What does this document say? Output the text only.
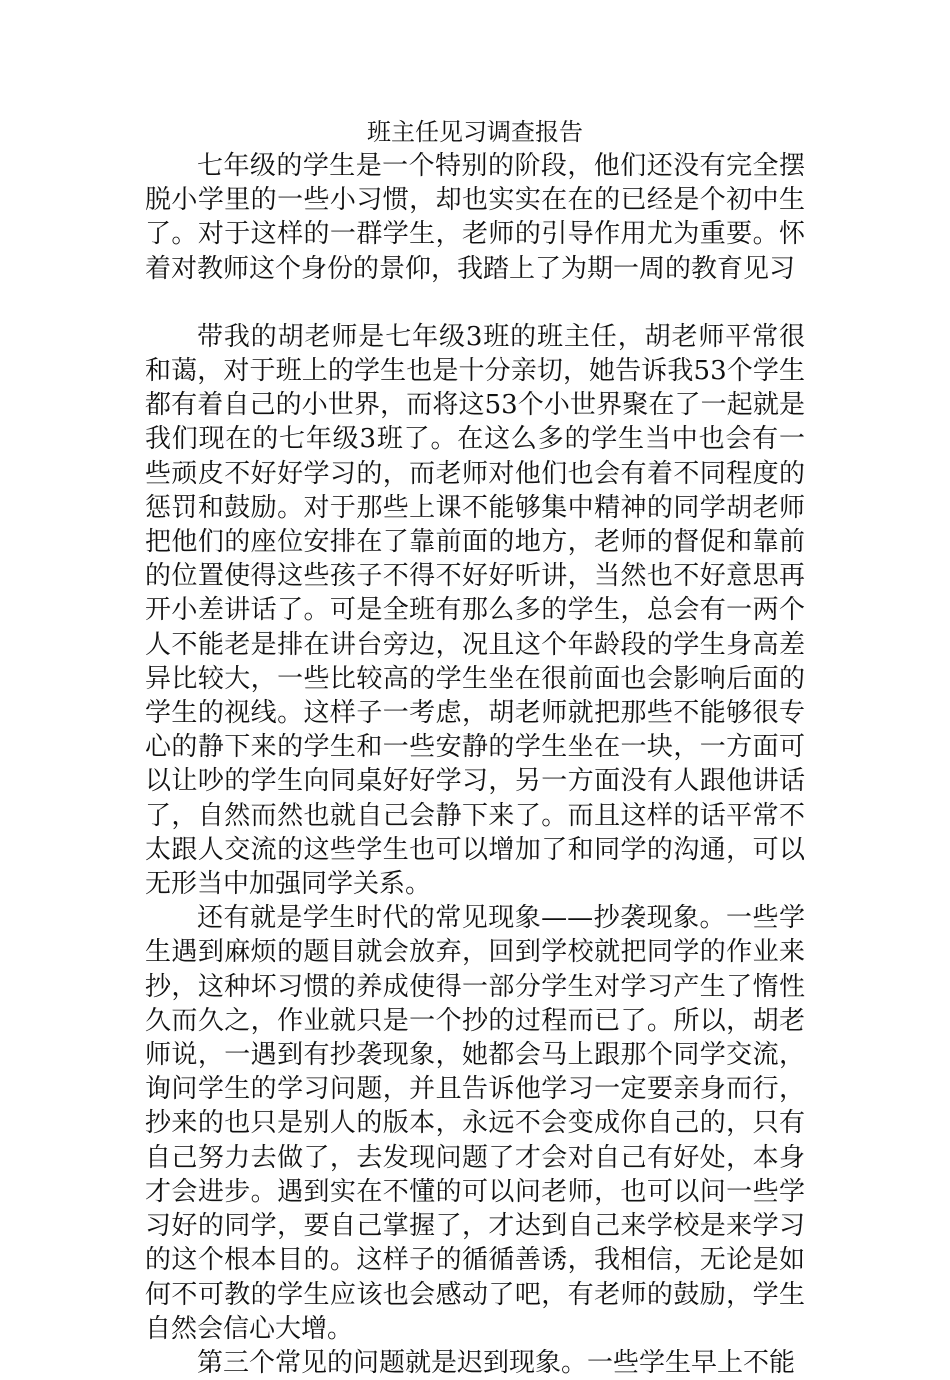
班主任见习调查报告

七年级的学生是一个特别的阶段，他们还没有完全摆脱小学里的一些小习惯，却也实实在在的已经是个初中生了。对于这样的一群学生，老师的引导作用尤为重要。怀着对教师这个身份的景仰，我踏上了为期一周的教育见习

带我的胡老师是七年级3班的班主任，胡老师平常很和蔼，对于班上的学生也是十分亲切，她告诉我53个学生都有着自己的小世界，而将这53个小世界聚在了一起就是我们现在的七年级3班了。在这么多的学生当中也会有一些顽皮不好好学习的，而老师对他们也会有着不同程度的惩罚和鼓励。对于那些上课不能够集中精神的同学胡老师把他们的座位安排在了靠前面的地方，老师的督促和靠前的位置使得这些孩子不得不好好听讲，当然也不好意思再开小差讲话了。可是全班有那么多的学生，总会有一两个人不能老是排在讲台旁边，况且这个年龄段的学生身高差异比较大，一些比较高的学生坐在很前面也会影响后面的学生的视线。这样子一考虑，胡老师就把那些不能够很专心的静下来的学生和一些安静的学生坐在一块，一方面可以让吵的学生向同桌好好学习，另一方面没有人跟他讲话了，自然而然也就自己会静下来了。而且这样的话平常不太跟人交流的这些学生也可以增加了和同学的沟通，可以无形当中加强同学关系。

还有就是学生时代的常见现象——抄袭现象。一些学生遇到麻烦的题目就会放弃，回到学校就把同学的作业来抄，这种坏习惯的养成使得一部分学生对学习产生了惰性久而久之，作业就只是一个抄的过程而已了。所以，胡老师说，一遇到有抄袭现象，她都会马上跟那个同学交流，询问学生的学习问题，并且告诉他学习一定要亲身而行，抄来的也只是别人的版本，永远不会变成你自己的，只有自己努力去做了，去发现问题了才会对自己有好处，本身才会进步。遇到实在不懂的可以问老师，也可以问一些学习好的同学，要自己掌握了，才达到自己来学校是来学习的这个根本目的。这样子的循循善诱，我相信，无论是如何不可教的学生应该也会感动了吧，有老师的鼓励，学生自然会信心大增。

第三个常见的问题就是迟到现象。一些学生早上不能
